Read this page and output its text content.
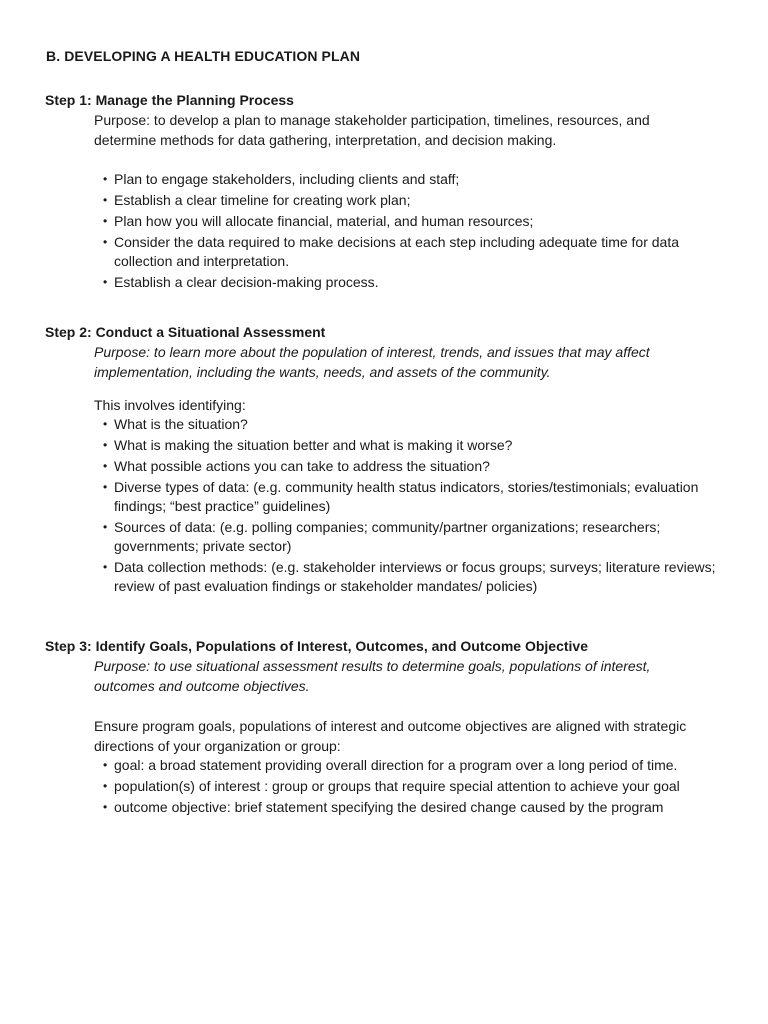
B. DEVELOPING A HEALTH EDUCATION PLAN
Step 1: Manage the Planning Process

Purpose: to develop a plan to manage stakeholder participation, timelines, resources, and determine methods for data gathering, interpretation, and decision making.

• Plan to engage stakeholders, including clients and staff;
• Establish a clear timeline for creating work plan;
• Plan how you will allocate financial, material, and human resources;
• Consider the data required to make decisions at each step including adequate time for data collection and interpretation.
• Establish a clear decision-making process.
Step 2: Conduct a Situational Assessment

Purpose: to learn more about the population of interest, trends, and issues that may affect implementation, including the wants, needs, and assets of the community.

This involves identifying:

• What is the situation?
• What is making the situation better and what is making it worse?
• What possible actions you can take to address the situation?
• Diverse types of data: (e.g. community health status indicators, stories/testimonials; evaluation findings; “best practice” guidelines)
• Sources of data: (e.g. polling companies; community/partner organizations; researchers; governments; private sector)
• Data collection methods: (e.g. stakeholder interviews or focus groups; surveys; literature reviews; review of past evaluation findings or stakeholder mandates/ policies)
Step 3: Identify Goals, Populations of Interest, Outcomes, and Outcome Objective

Purpose: to use situational assessment results to determine goals, populations of interest, outcomes and outcome objectives.

Ensure program goals, populations of interest and outcome objectives are aligned with strategic directions of your organization or group:

• goal: a broad statement providing overall direction for a program over a long period of time.
• population(s) of interest : group or groups that require special attention to achieve your goal
• outcome objective: brief statement specifying the desired change caused by the program
